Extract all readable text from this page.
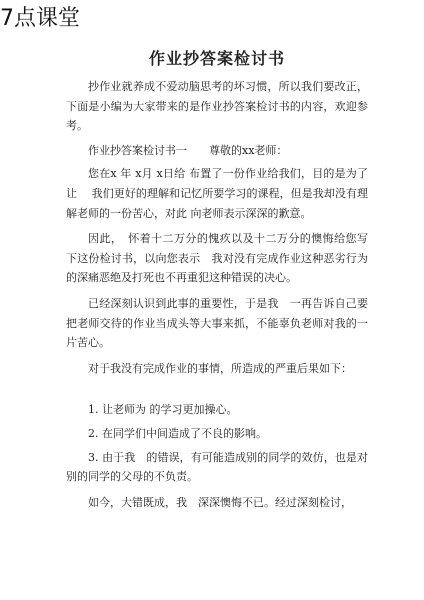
7点课堂
作业抄答案检讨书

抄作业就养成不爱动脑思考的坏习惯，所以我们要改正，下面是小编为大家带来的是作业抄答案检讨书的内容，欢迎参考。

作业抄答案检讨书一　　尊敬的xx老师：

您在x 年 x月 x日给 布置了一份作业给我们，目的是为了让　 我们更好的理解和记忆所要学习的课程，但是我却没有理解老师的一份苦心，对此 向老师表示深深的歉意。

因此，　怀着十二万分的愧疚以及十二万分的懊悔给您写下这份检讨书，以向您表示　我对没有完成作业这种恶劣行为的深痛恶绝及打死也不再重犯这种错误的决心。

已经深刻认识到此事的重要性，于是我　一再告诉自己要把老师交待的作业当成头等大事来抓，不能辜负老师对我的一片苦心。

对于我没有完成作业的事情，所造成的严重后果如下：

1. 让老师为 的学习更加操心。
2. 在同学们中间造成了不良的影响。
3. 由于我　的错误，有可能造成别的同学的效仿，也是对别的同学的父母的不负责。

如今，大错既成，我　深深懊悔不已。经过深刻检讨，
